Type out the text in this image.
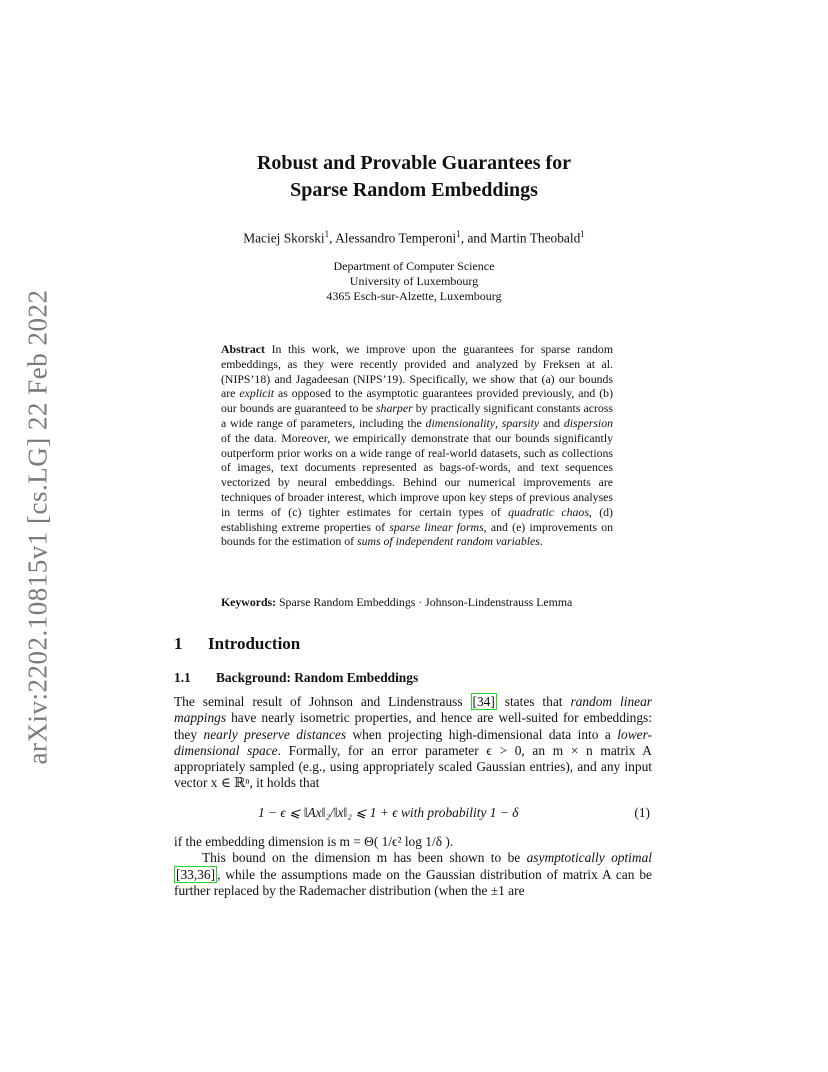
arXiv:2202.10815v1 [cs.LG] 22 Feb 2022
Robust and Provable Guarantees for
Sparse Random Embeddings
Maciej Skorski$^1$, Alessandro Temperoni$^1$, and Martin Theobald$^1$
Department of Computer Science
University of Luxembourg
4365 Esch-sur-Alzette, Luxembourg
Abstract In this work, we improve upon the guarantees for sparse random embeddings, as they were recently provided and analyzed by Freksen at al. (NIPS’18) and Jagadeesan (NIPS’19). Specifically, we show that (a) our bounds are explicit as opposed to the asymptotic guarantees provided previously, and (b) our bounds are guaranteed to be sharper by practically significant constants across a wide range of parameters, including the dimensionality, sparsity and dispersion of the data. Moreover, we empirically demonstrate that our bounds significantly outperform prior works on a wide range of real-world datasets, such as collections of images, text documents represented as bags-of-words, and text sequences vectorized by neural embeddings. Behind our numerical improvements are techniques of broader interest, which improve upon key steps of previous analyses in terms of (c) tighter estimates for certain types of quadratic chaos, (d) establishing extreme properties of sparse linear forms, and (e) improvements on bounds for the estimation of sums of independent random variables.
Keywords: Sparse Random Embeddings · Johnson-Lindenstrauss Lemma
1 Introduction
1.1 Background: Random Embeddings
The seminal result of Johnson and Lindenstrauss [34] states that random linear mappings have nearly isometric properties, and hence are well-suited for embeddings: they nearly preserve distances when projecting high-dimensional data into a lower-dimensional space. Formally, for an error parameter ϵ > 0, an m × n matrix A appropriately sampled (e.g., using appropriately scaled Gaussian entries), and any input vector x ∈ ℝⁿ, it holds that
1 − ϵ ⩽ ‖Ax‖₂/‖x‖₂ ⩽ 1 + ϵ with probability 1 − δ	(1)
if the embedding dimension is m = Θ( 1/ϵ² log 1/δ ).
This bound on the dimension m has been shown to be asymptotically optimal [33,36] , while the assumptions made on the Gaussian distribution of matrix A can be further replaced by the Rademacher distribution (when the ±1 are
